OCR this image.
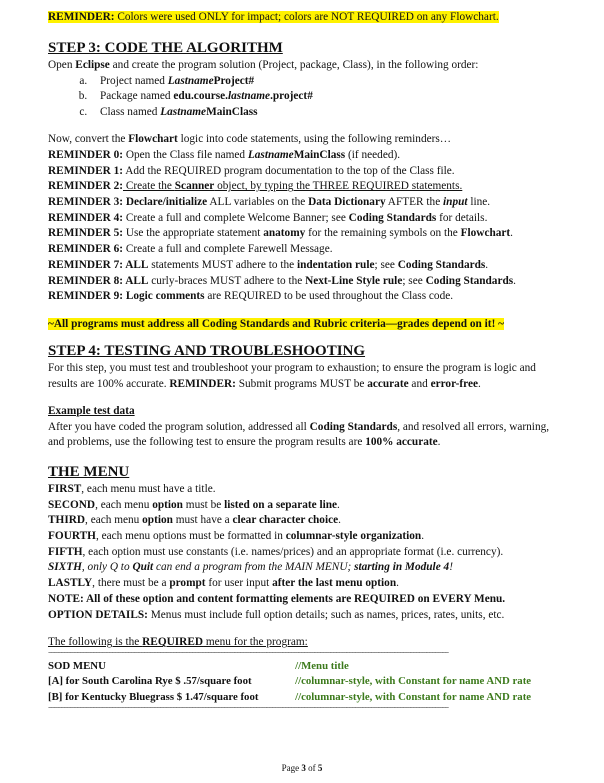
REMINDER: Colors were used ONLY for impact; colors are NOT REQUIRED on any Flowchart.

STEP 3: CODE THE ALGORITHM

Open Eclipse and create the program solution (Project, package, Class), in the following order:

a. Project named LastnameProject#
b. Package named edu.course.lastname.project#
c. Class named LastnameMainClass

Now, convert the Flowchart logic into code statements, using the following reminders…

REMINDER 0: Open the Class file named LastnameMainClass (if needed).

REMINDER 1: Add the REQUIRED program documentation to the top of the Class file.

REMINDER 2: Create the Scanner object, by typing the THREE REQUIRED statements.

REMINDER 3: Declare/initialize ALL variables on the Data Dictionary AFTER the input line.

REMINDER 4: Create a full and complete Welcome Banner; see Coding Standards for details.

REMINDER 5: Use the appropriate statement anatomy for the remaining symbols on the Flowchart.

REMINDER 6: Create a full and complete Farewell Message.

REMINDER 7: ALL statements MUST adhere to the indentation rule; see Coding Standards.

REMINDER 8: ALL curly-braces MUST adhere to the Next-Line Style rule; see Coding Standards.

REMINDER 9: Logic comments are REQUIRED to be used throughout the Class code.

~All programs must address all Coding Standards and Rubric criteria—grades depend on it! ~

STEP 4: TESTING AND TROUBLESHOOTING

For this step, you must test and troubleshoot your program to exhaustion; to ensure the program is logic and results are 100% accurate. REMINDER: Submit programs MUST be accurate and error-free.

Example test data

After you have coded the program solution, addressed all Coding Standards, and resolved all errors, warning, and problems, use the following test to ensure the program results are 100% accurate.

THE MENU

FIRST, each menu must have a title.

SECOND, each menu option must be listed on a separate line.

THIRD, each menu option must have a clear character choice.

FOURTH, each menu options must be formatted in columnar-style organization.

FIFTH, each option must use constants (i.e. names/prices) and an appropriate format (i.e. currency).

SIXTH, only Q to Quit can end a program from the MAIN MENU; starting in Module 4!

LASTLY, there must be a prompt for user input after the last menu option.

NOTE: All of these option and content formatting elements are REQUIRED on EVERY Menu.

OPTION DETAILS: Menus must include full option details; such as names, prices, rates, units, etc.

The following is the REQUIRED menu for the program:

~~~~~~~~~~~~~~~~~~~~~~~~~~~~~~~~~~~~~~~~~~~~~~~~~~~~~~~~~~~~~~~~~~~~~~~~~~~~~~~~~~~~~~~~~~~~~~~~~~~~~~~~~~~~~~~~~~~~~~~~~~~~~
SOD MENU	//Menu title
[A] for South Carolina Rye $ .57/square foot	//columnar-style, with Constant for name AND rate
[B] for Kentucky Bluegrass $ 1.47/square foot	//columnar-style, with Constant for name AND rate
~~~~~~~~~~~~~~~~~~~~~~~~~~~~~~~~~~~~~~~~~~~~~~~~~~~~~~~~~~~~~~~~~~~~~~~~~~~~~~~~~~~~~~~~~~~~~~~~~~~~~~~~~~~~~~~~~~~~~~~~~~~~~
Page 3 of 5
